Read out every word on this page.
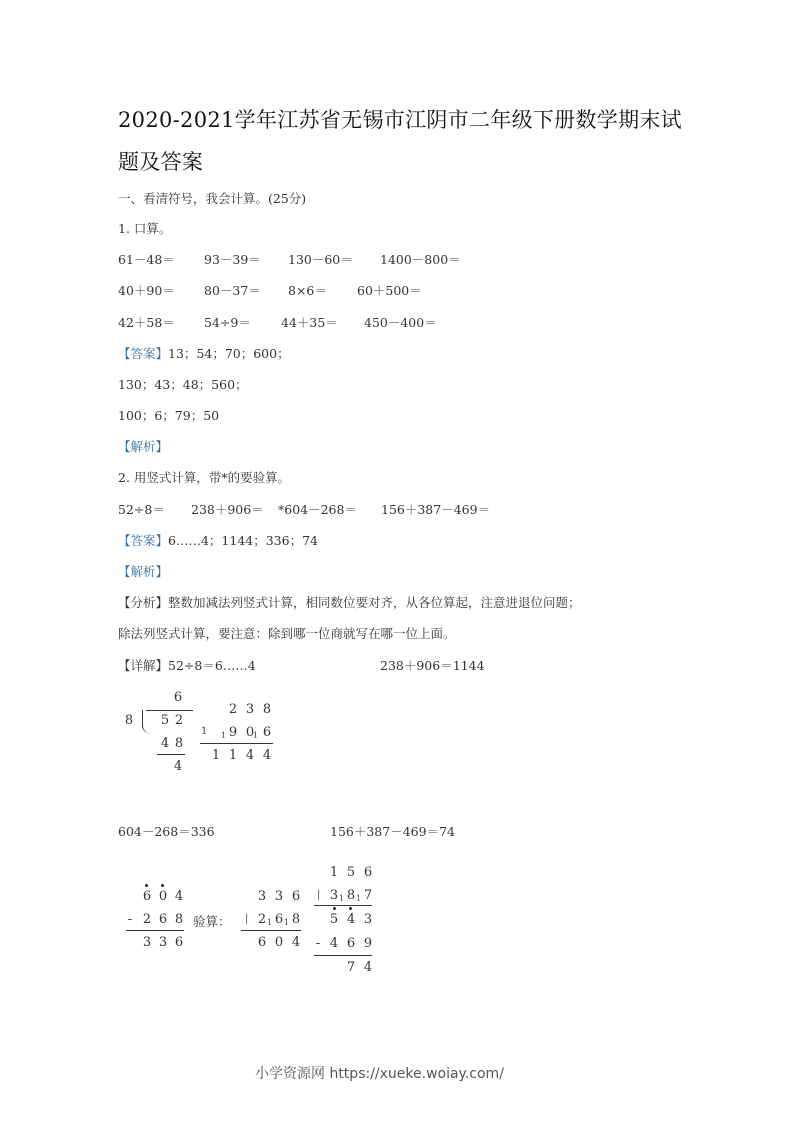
2020-2021学年江苏省无锡市江阴市二年级下册数学期末试
题及答案
一、看清符号，我会计算。(25分)
1. 口算。
61－48＝ 93－39＝ 130－60＝ 1400－800＝
40＋90＝ 80－37＝ 8×6＝ 60＋500＝
42＋58＝ 54÷9＝ 44＋35＝ 450－400＝
【答案】13；54；70；600；
130；43；48；560；
100；6；79；50
【解析】
2. 用竖式计算，带*的要验算。
52÷8＝ 238＋906＝ *604－268＝ 156＋387－469＝
【答案】6……4；1144；336；74
【解析】
【分析】整数加减法列竖式计算，相同数位要对齐，从各位算起，注意进退位问题；
除法列竖式计算，要注意：除到哪一位商就写在哪一位上面。
【详解】52÷8＝6……4	238＋906＝1144
6
8 5 2
4 8
4
2 3 8
1 1 9 0
1 6
1 1 4 4
604－268＝336	156＋387－469＝74
6 0 4
- 2 6 8
3 3 6
验算：
3 3 6
| 2 1 6 1 8
6 0 4
1 5 6
| 3 1 8 1 7
5 4 3
- 4 6 9
7 4
小学资源网 https://xueke.woiay.com/
